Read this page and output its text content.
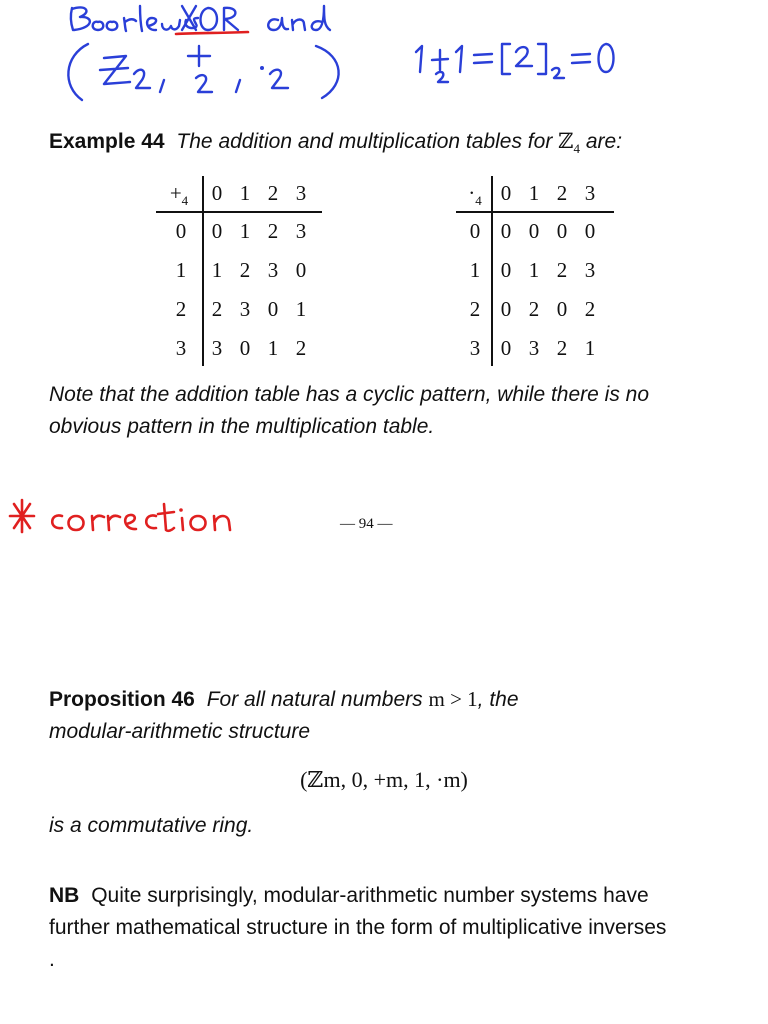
Example 44 The addition and multiplication tables for ℤ$_4$ are:
$+_4$	0 1 2 3
0	0 1 2 3
1	1 2 3 0
2	2 3 0 1
3	3 0 1 2
$\cdot_4$ 0 1 2 3
0 0 0 0 0
1 0 1 2 3
2 0 2 0 2
3 0 3 2 1
Note that the addition table has a cyclic pattern, while there is no
obvious pattern in the multiplication table.
— 94 —
Proposition 46 For all natural numbers m > 1, the
modular-arithmetic structure
(ℤm, 0, +m, 1, ·m)
is a commutative ring.
NB Quite surprisingly, modular-arithmetic number systems have
further mathematical structure in the form of multiplicative inverses
.
